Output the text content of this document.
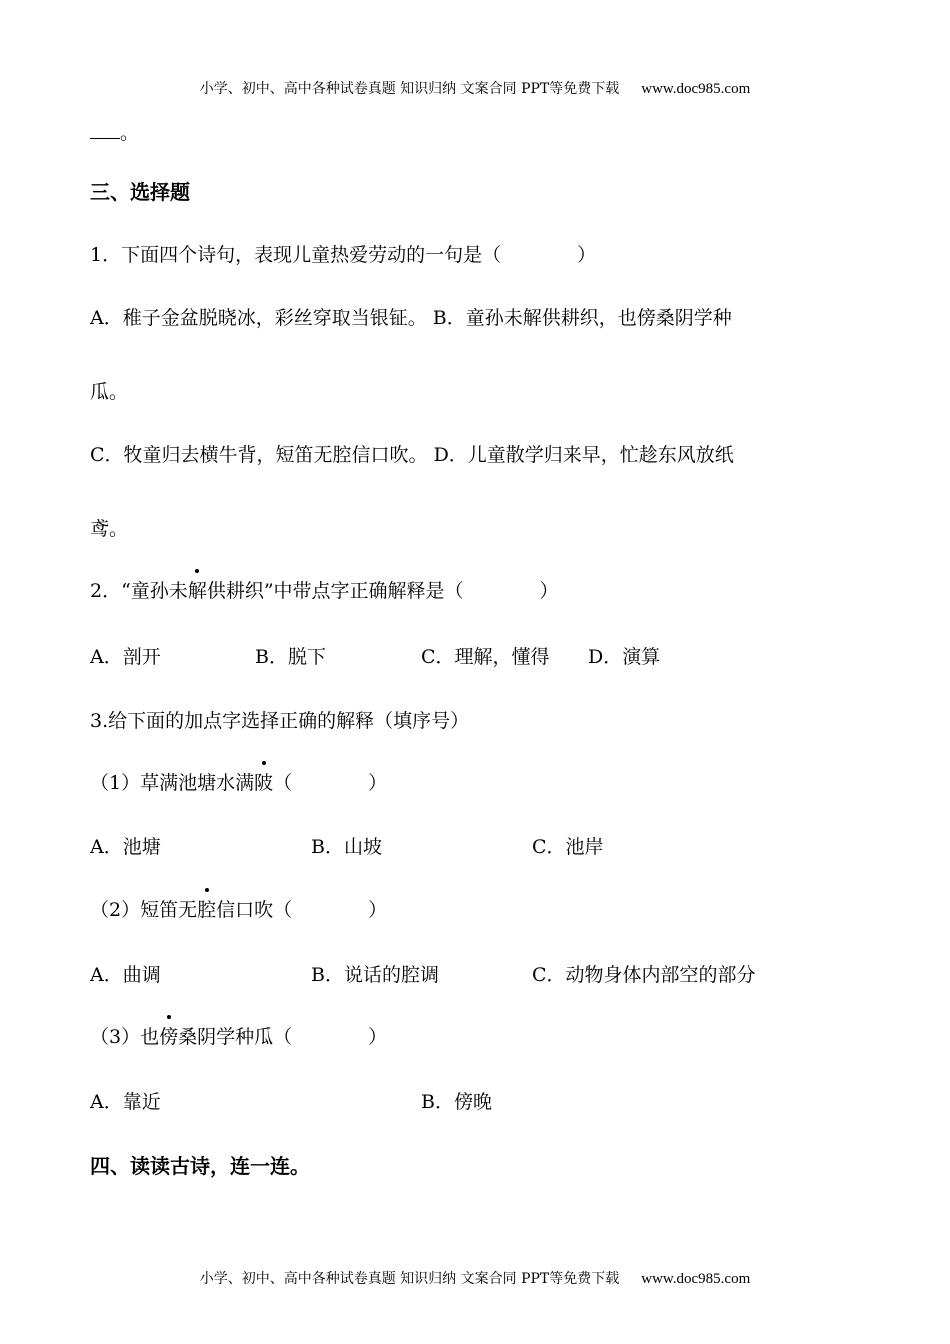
小学、初中、高中各种试卷真题 知识归纳 文案合同 PPT等免费下载 www.doc985.com
。
三、选择题
1．下面四个诗句，表现儿童热爱劳动的一句是（　　　　）
A．稚子金盆脱晓冰，彩丝穿取当银钲。 B．童孙未解供耕织，也傍桑阴学种
瓜。
C．牧童归去横牛背，短笛无腔信口吹。 D．儿童散学归来早，忙趁东风放纸
鸢。
2．“童孙未解供耕织”中带点字正确解释是（　　　　）
A．剖开	B．脱下	C．理解，懂得 D．演算
3.给下面的加点字选择正确的解释（填序号）
（1）草满池塘水满陂（　　　　）
A．池塘	B．山坡	C．池岸
（2）短笛无腔信口吹（　　　　）
A．曲调	B．说话的腔调	C．动物身体内部空的部分
（3）也傍桑阴学种瓜（　　　　）
A．靠近	B．傍晚
四、读读古诗，连一连。
小学、初中、高中各种试卷真题 知识归纳 文案合同 PPT等免费下载 www.doc985.com
